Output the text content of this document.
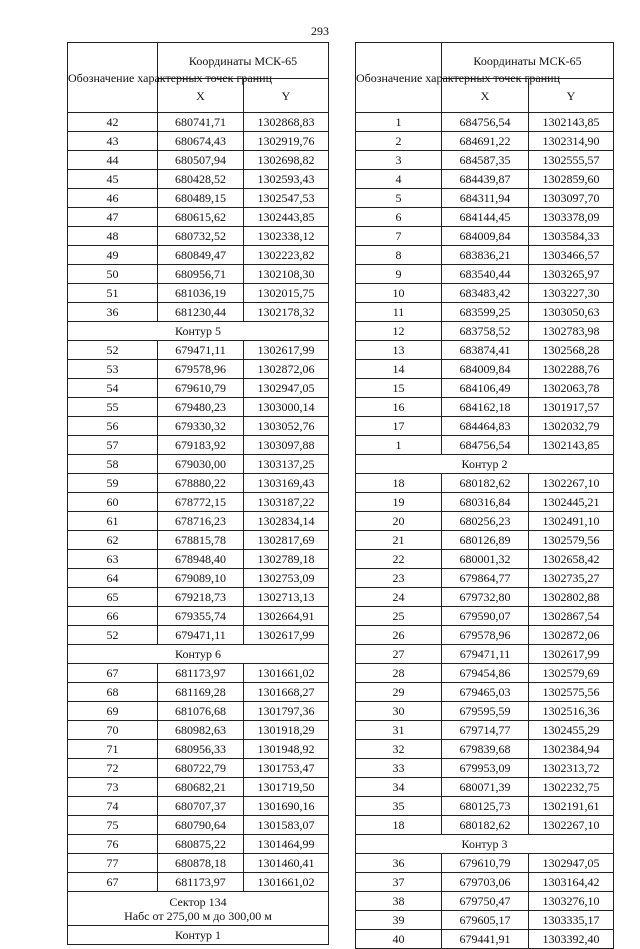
293
Обозначение характерных точек границ	Координаты МСК-65	
	X	Y
42	680741,71	1302868,83
43	680674,43	1302919,76
44	680507,94	1302698,82
45	680428,52	1302593,43
46	680489,15	1302547,53
47	680615,62	1302443,85
48	680732,52	1302338,12
49	680849,47	1302223,82
50	680956,71	1302108,30
51	681036,19	1302015,75
36	681230,44	1302178,32
Контур 5		
52	679471,11	1302617,99
53	679578,96	1302872,06
54	679610,79	1302947,05
55	679480,23	1303000,14
56	679330,32	1303052,76
57	679183,92	1303097,88
58	679030,00	1303137,25
59	678880,22	1303169,43
60	678772,15	1303187,22
61	678716,23	1302834,14
62	678815,78	1302817,69
63	678948,40	1302789,18
64	679089,10	1302753,09
65	679218,73	1302713,13
66	679355,74	1302664,91
52	679471,11	1302617,99
Контур 6		
67	681173,97	1301661,02
68	681169,28	1301668,27
69	681076,68	1301797,36
70	680982,63	1301918,29
71	680956,33	1301948,92
72	680722,79	1301753,47
73	680682,21	1301719,50
74	680707,37	1301690,16
75	680790,64	1301583,07
76	680875,22	1301464,99
77	680878,18	1301460,41
67	681173,97	1301661,02

Сектор 134
Набс от 275,00 м до 300,00 м		

Контур 1		
Обозначение характерных точек границ	Координаты МСК-65	
	X	Y
1	684756,54	1302143,85
2	684691,22	1302314,90
3	684587,35	1302555,57
4	684439,87	1302859,60
5	684311,94	1303097,70
6	684144,45	1303378,09
7	684009,84	1303584,33
8	683836,21	1303466,57
9	683540,44	1303265,97
10	683483,42	1303227,30
11	683599,25	1303050,63
12	683758,52	1302783,98
13	683874,41	1302568,28
14	684009,84	1302288,76
15	684106,49	1302063,78
16	684162,18	1301917,57
17	684464,83	1302032,79
1	684756,54	1302143,85
Контур 2		
18	680182,62	1302267,10
19	680316,84	1302445,21
20	680256,23	1302491,10
21	680126,89	1302579,56
22	680001,32	1302658,42
23	679864,77	1302735,27
24	679732,80	1302802,88
25	679590,07	1302867,54
26	679578,96	1302872,06
27	679471,11	1302617,99
28	679454,86	1302579,69
29	679465,03	1302575,56
30	679595,59	1302516,36
31	679714,77	1302455,29
32	679839,68	1302384,94
33	679953,09	1302313,72
34	680071,39	1302232,75
35	680125,73	1302191,61
18	680182,62	1302267,10
Контур 3		
36	679610,79	1302947,05
37	679703,06	1303164,42
38	679750,47	1303276,10
39	679605,17	1303335,17
40	679441,91	1303392,40
